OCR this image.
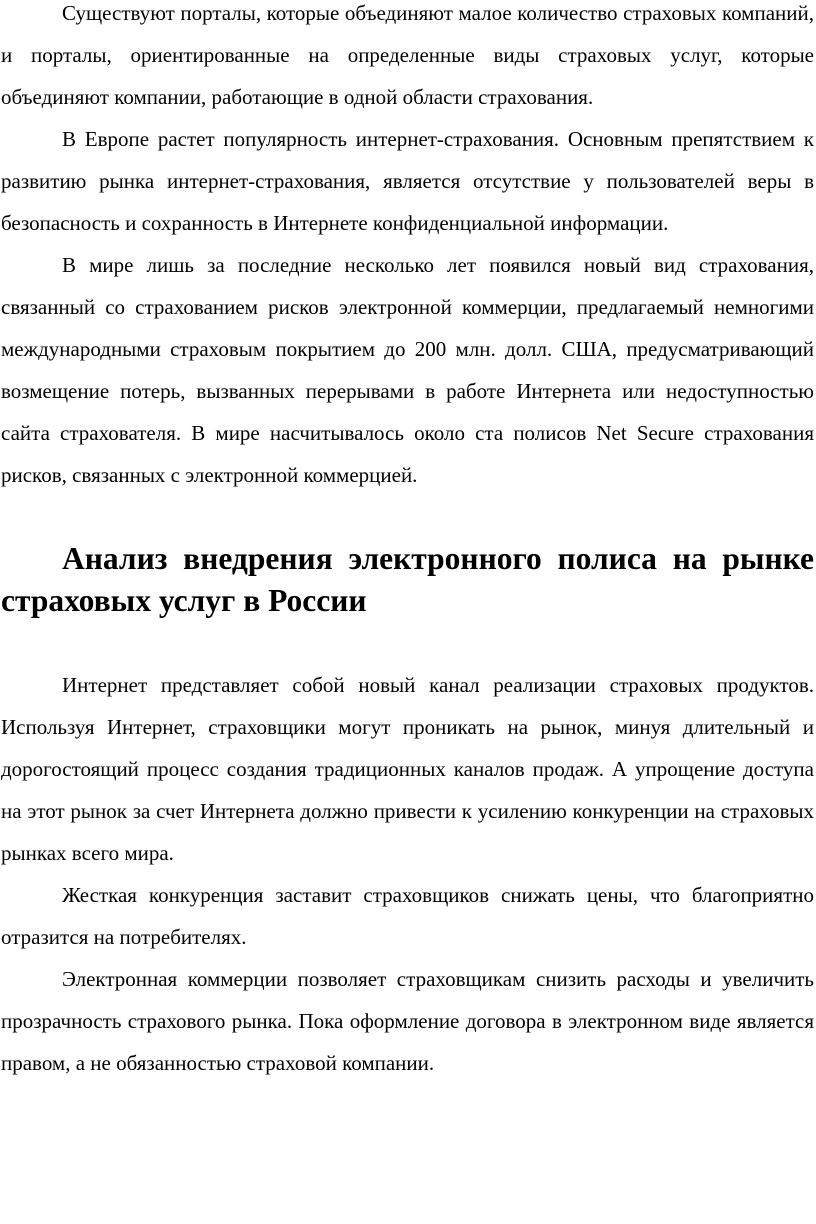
Существуют порталы, которые объединяют малое количество страховых компаний, и порталы, ориентированные на определенные виды страховых услуг, которые объединяют компании, работающие в одной области страхования.

В Европе растет популярность интернет-страхования. Основным препятствием к развитию рынка интернет-страхования, является отсутствие у пользователей веры в безопасность и сохранность в Интернете конфиденциальной информации.

В мире лишь за последние несколько лет появился новый вид страхования, связанный со страхованием рисков электронной коммерции, предлагаемый немногими международными страховым покрытием до 200 млн. долл. США, предусматривающий возмещение потерь, вызванных перерывами в работе Интернета или недоступностью сайта страхователя. В мире насчитывалось около ста полисов Net Secure страхования рисков, связанных с электронной коммерцией.

Анализ внедрения электронного полиса на рынке страховых услуг в России

Интернет представляет собой новый канал реализации страховых продуктов. Используя Интернет, страховщики могут проникать на рынок, минуя длительный и дорогостоящий процесс создания традиционных каналов продаж. А упрощение доступа на этот рынок за счет Интернета должно привести к усилению конкуренции на страховых рынках всего мира.

Жесткая конкуренция заставит страховщиков снижать цены, что благоприятно отразится на потребителях.

Электронная коммерции позволяет страховщикам снизить расходы и увеличить прозрачность страхового рынка. Пока оформление договора в электронном виде является правом, а не обязанностью страховой компании.
